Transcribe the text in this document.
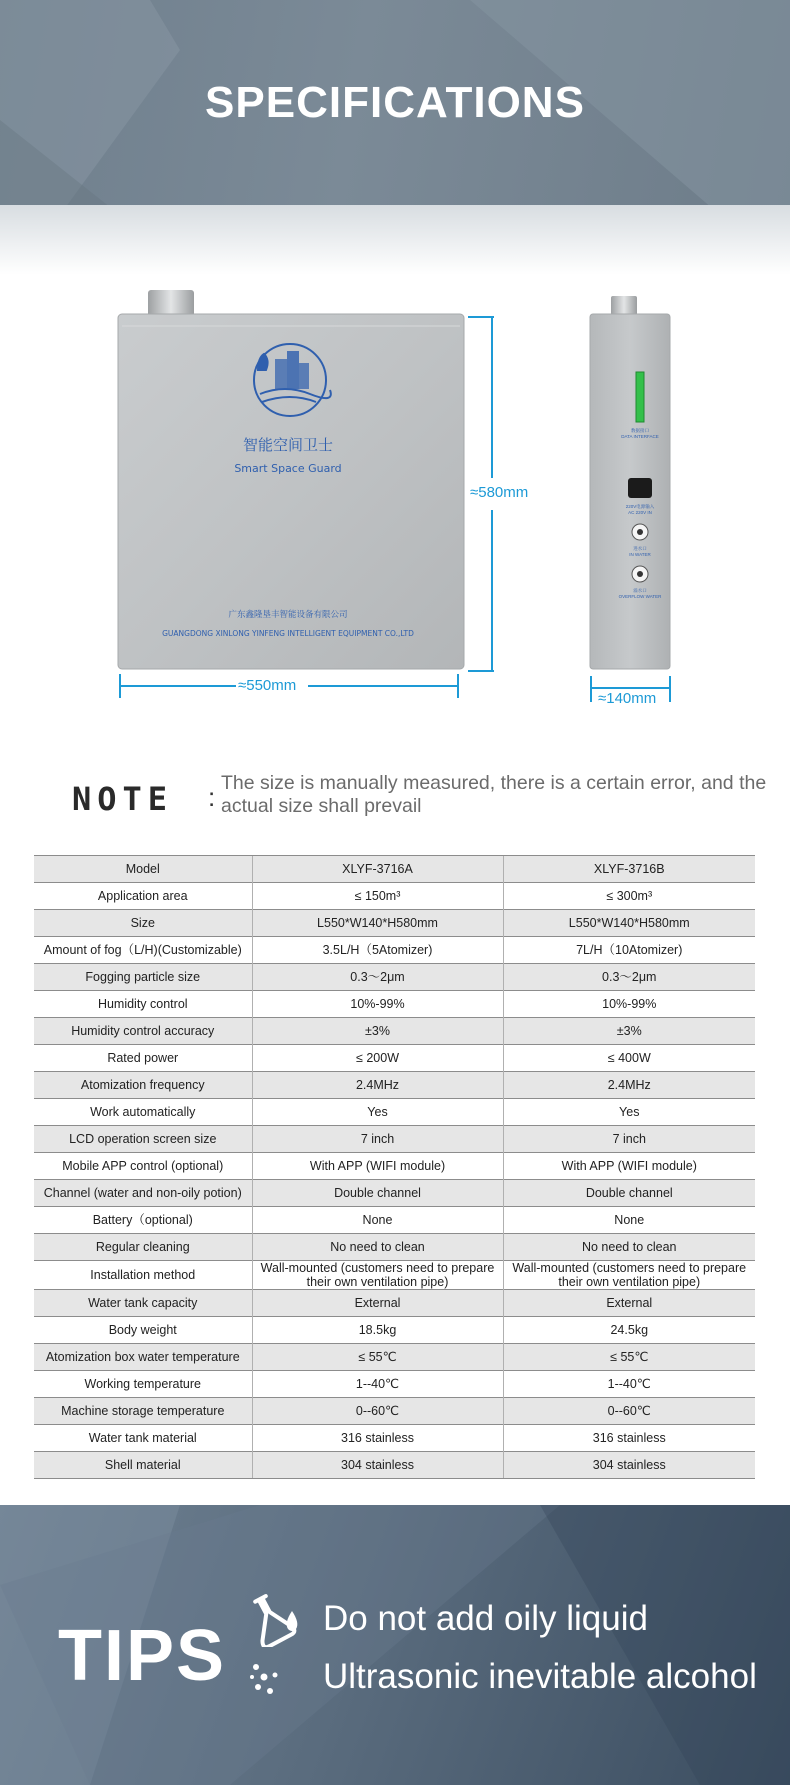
SPECIFICATIONS
智能空间卫士
Smart Space Guard
广东鑫隆垦丰智能设备有限公司
GUANGDONG XINLONG YINFENG INTELLIGENT EQUIPMENT CO.,LTD
数据接口 DATA INTERFACE
220V电源输入 AC 220V IN
进水口 IN WATER
溢水口 OVERFLOW WATER
≈580mm
≈550mm
≈140mm
NOTE : The size is manually measured, there is a certain error, and the actual size shall prevail
Model	XLYF-3716A	XLYF-3716B
Application area	≤ 150m³	≤ 300m³
Size	L550*W140*H580mm	L550*W140*H580mm
Amount of fog（L/H)(Customizable)	3.5L/H（5Atomizer)	7L/H（10Atomizer)
Fogging particle size	0.3～2μm	0.3～2μm
Humidity control	10%-99%	10%-99%
Humidity control accuracy	±3%	±3%
Rated power	≤ 200W	≤ 400W
Atomization frequency	2.4MHz	2.4MHz
Work automatically	Yes	Yes
LCD operation screen size	7 inch	7 inch
Mobile APP control (optional)	With APP (WIFI module)	With APP (WIFI module)
Channel (water and non-oily potion)	Double channel	Double channel
Battery（optional)	None	None
Regular cleaning	No need to clean	No need to clean
Installation method	Wall-mounted (customers need to prepare their own ventilation pipe)	Wall-mounted (customers need to prepare their own ventilation pipe)
Water tank capacity	External	External
Body weight	18.5kg	24.5kg
Atomization box water temperature	≤ 55℃	≤ 55℃
Working temperature	1--40℃	1--40℃
Machine storage temperature	0--60℃	0--60℃
Water tank material	316 stainless	316 stainless
Shell material	304 stainless	304 stainless
TIPS	Do not add oily liquid
Ultrasonic inevitable alcohol
